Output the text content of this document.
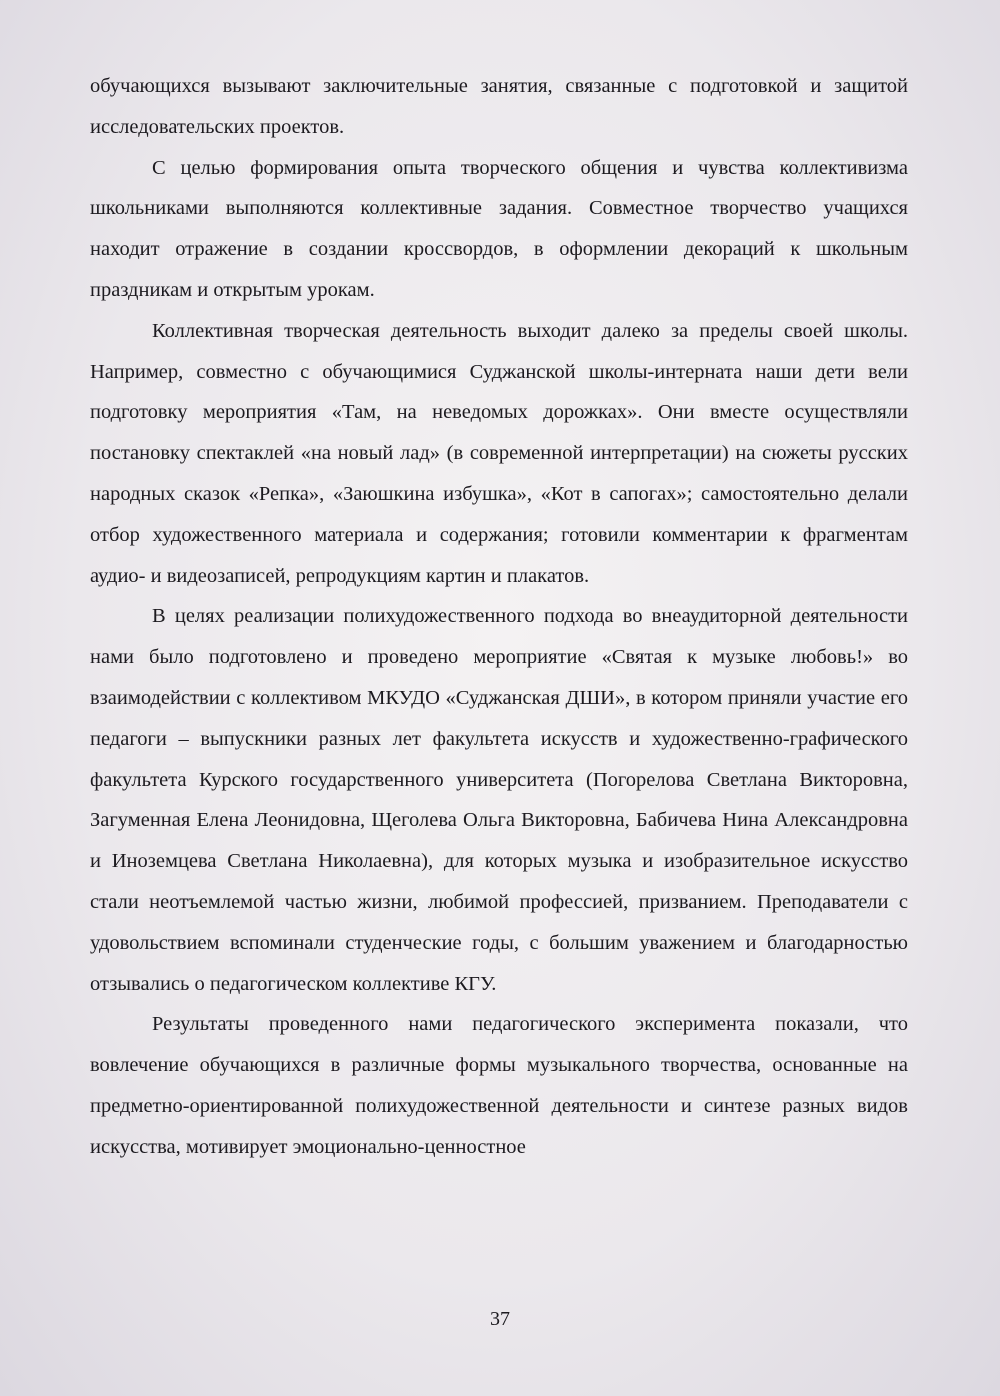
обучающихся вызывают заключительные занятия, связанные с подготовкой и защитой исследовательских проектов.

С целью формирования опыта творческого общения и чувства коллективизма школьниками выполняются коллективные задания. Совместное творчество учащихся находит отражение в создании кроссвордов, в оформлении декораций к школьным праздникам и открытым урокам.

Коллективная творческая деятельность выходит далеко за пределы своей школы. Например, совместно с обучающимися Суджанской школы-интерната наши дети вели подготовку мероприятия «Там, на неведомых дорожках». Они вместе осуществляли постановку спектаклей «на новый лад» (в современной интерпретации) на сюжеты русских народных сказок «Репка», «Заюшкина избушка», «Кот в сапогах»; самостоятельно делали отбор художественного материала и содержания; готовили комментарии к фрагментам аудио- и видеозаписей, репродукциям картин и плакатов.

В целях реализации полихудожественного подхода во внеаудиторной деятельности нами было подготовлено и проведено мероприятие «Святая к музыке любовь!» во взаимодействии с коллективом МКУДО «Суджанская ДШИ», в котором приняли участие его педагоги – выпускники разных лет факультета искусств и художественно-графического факультета Курского государственного университета (Погорелова Светлана Викторовна, Загуменная Елена Леонидовна, Щеголева Ольга Викторовна, Бабичева Нина Александровна и Иноземцева Светлана Николаевна), для которых музыка и изобразительное искусство стали неотъемлемой частью жизни, любимой профессией, призванием. Преподаватели с удовольствием вспоминали студенческие годы, с большим уважением и благодарностью отзывались о педагогическом коллективе КГУ.

Результаты проведенного нами педагогического эксперимента показали, что вовлечение обучающихся в различные формы музыкального творчества, основанные на предметно-ориентированной полихудожественной деятельности и синтезе разных видов искусства, мотивирует эмоционально-ценностное

37
